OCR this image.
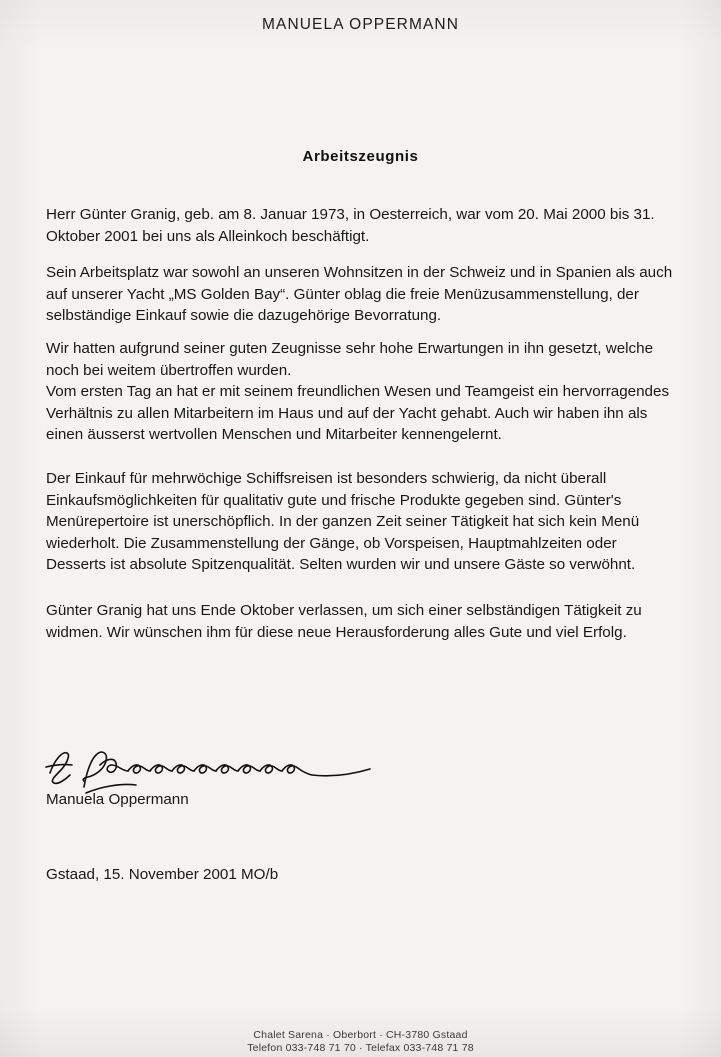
MANUELA OPPERMANN
Arbeitszeugnis
Herr Günter Granig, geb. am 8. Januar 1973, in Oesterreich, war vom 20. Mai 2000 bis 31. Oktober 2001 bei uns als Alleinkoch beschäftigt.
Sein Arbeitsplatz war sowohl an unseren Wohnsitzen in der Schweiz und in Spanien als auch auf unserer Yacht „MS Golden Bay“. Günter oblag die freie Menüzusammenstellung, der selbständige Einkauf sowie die dazugehörige Bevorratung.

Wir hatten aufgrund seiner guten Zeugnisse sehr hohe Erwartungen in ihn gesetzt, welche noch bei weitem übertroffen wurden.

Vom ersten Tag an hat er mit seinem freundlichen Wesen und Teamgeist ein hervorragendes Verhältnis zu allen Mitarbeitern im Haus und auf der Yacht gehabt. Auch wir haben ihn als einen äusserst wertvollen Menschen und Mitarbeiter kennengelernt.

Der Einkauf für mehrwöchige Schiffsreisen ist besonders schwierig, da nicht überall Einkaufsmöglichkeiten für qualitativ gute und frische Produkte gegeben sind. Günter's Menürepertoire ist unerschöpflich. In der ganzen Zeit seiner Tätigkeit hat sich kein Menü wiederholt. Die Zusammenstellung der Gänge, ob Vorspeisen, Hauptmahlzeiten oder Desserts ist absolute Spitzenqualität. Selten wurden wir und unsere Gäste so verwöhnt.
Günter Granig hat uns Ende Oktober verlassen, um sich einer selbständigen Tätigkeit zu widmen. Wir wünschen ihm für diese neue Herausforderung alles Gute und viel Erfolg.
Manuela Oppermann
Gstaad, 15. November 2001 MO/b
Chalet Sarena · Oberbort · CH-3780 Gstaad
Telefon 033-748 71 70 · Telefax 033-748 71 78
